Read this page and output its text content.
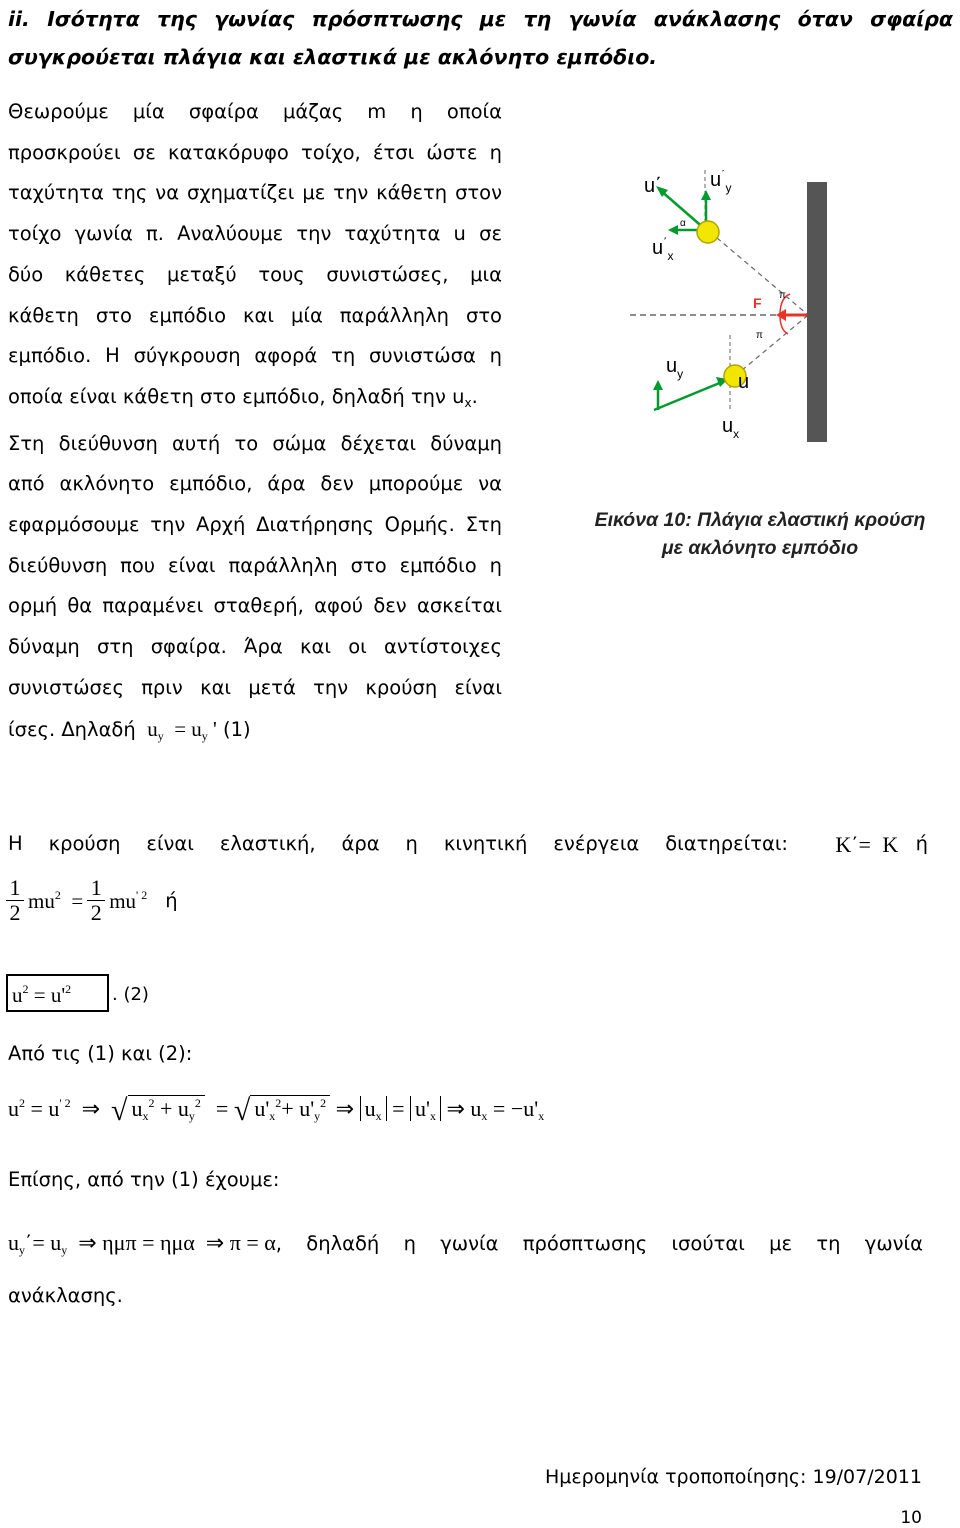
ii. Ισότητα της γωνίας πρόσπτωσης με τη γωνία ανάκλασης όταν σφαίρα
συγκρούεται πλάγια και ελαστικά με ακλόνητο εμπόδιο.
Θεωρούμε μία σφαίρα μάζας m η οποία
προσκρούει σε κατακόρυφο τοίχο, έτσι ώστε η
ταχύτητα της να σχηματίζει με την κάθετη στον
τοίχο γωνία π. Αναλύουμε την ταχύτητα u σε
δύο κάθετες μεταξύ τους συνιστώσες, μια
κάθετη στο εμπόδιο και μία παράλληλη στο
εμπόδιο. Η σύγκρουση αφορά τη συνιστώσα η
οποία είναι κάθετη στο εμπόδιο, δηλαδή την $u_x$.
Στη διεύθυνση αυτή το σώμα δέχεται δύναμη
από ακλόνητο εμπόδιο, άρα δεν μπορούμε να
εφαρμόσουμε την Αρχή Διατήρησης Ορμής. Στη
διεύθυνση που είναι παράλληλη στο εμπόδιο η
ορμή θα παραμένει σταθερή, αφού δεν ασκείται
δύναμη στη σφαίρα. Άρα και οι αντίστοιχες
συνιστώσες πριν και μετά την κρούση είναι
ίσες. Δηλαδή  $u_y = u_y$ ' (1)
u΄ $u^΄_y$
$u^΄_x$
α
F π
π
$u_y$	u
$u_x$
Εικόνα 10: Πλάγια ελαστική κρούση
με ακλόνητο εμπόδιο
Η κρούση είναι ελαστική, άρα η κινητική ενέργεια διατηρείται: K΄= K ή
$\frac{1}{2} mu^2 = \frac{1}{2} mu^{' 2}$ ή
$u^2 = u'^2$ . (2)
Από τις (1) και (2):
$u^2 = u^{' 2}$  ⇒  √ $u_x^2 + u_y^2$  = √ $u'_x^2+ u'_y^2$ ⇒ $u_x = u'_x$ ⇒ $u_x = -u'_x$
Επίσης, από την (1) έχουμε:
$u_y΄= u_y$  ⇒ ημπ = ημα  ⇒ π = α , δηλαδή η γωνία πρόσπτωσης ισούται με τη γωνία
ανάκλασης.
Ημερομηνία τροποποίησης: 19/07/2011
10
